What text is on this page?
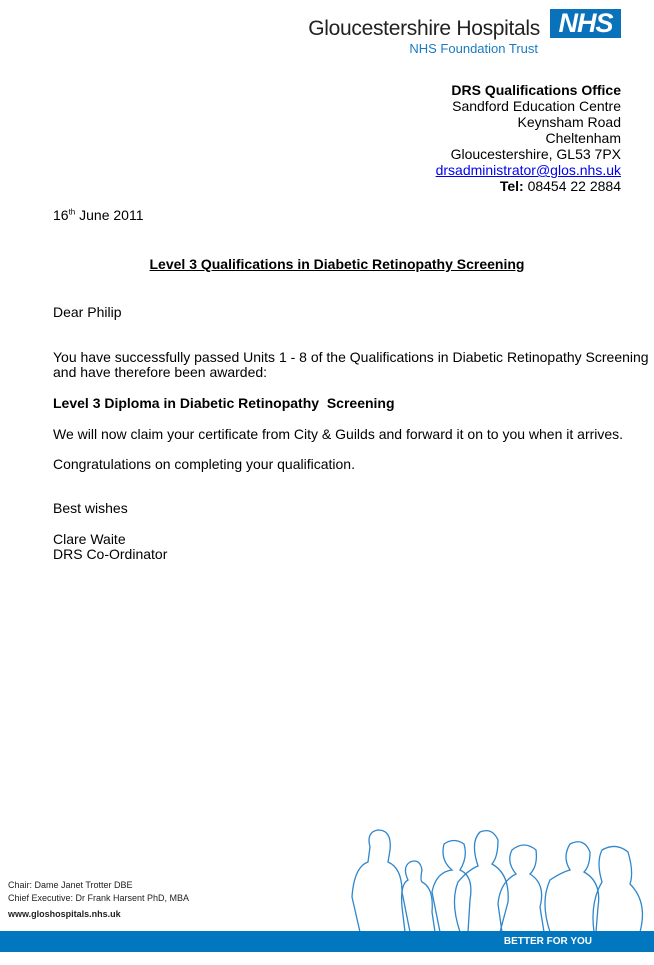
Gloucestershire Hospitals
NHS Foundation Trust
NHS
DRS Qualifications Office
Sandford Education Centre
Keynsham Road
Cheltenham
Gloucestershire, GL53 7PX
drsadministrator@glos.nhs.uk
Tel: 08454 22 2884
16th June 2011
Level 3 Qualifications in Diabetic Retinopathy Screening
Dear Philip
You have successfully passed Units 1 - 8 of the Qualifications in Diabetic Retinopathy Screening
and have therefore been awarded:
Level 3 Diploma in Diabetic Retinopathy  Screening
We will now claim your certificate from City & Guilds and forward it on to you when it arrives.
Congratulations on completing your qualification.
Best wishes
Clare Waite
DRS Co-Ordinator
Chair: Dame Janet Trotter DBE
Chief Executive: Dr Frank Harsent PhD, MBA
www.gloshospitals.nhs.uk
BETTER FOR YOU
